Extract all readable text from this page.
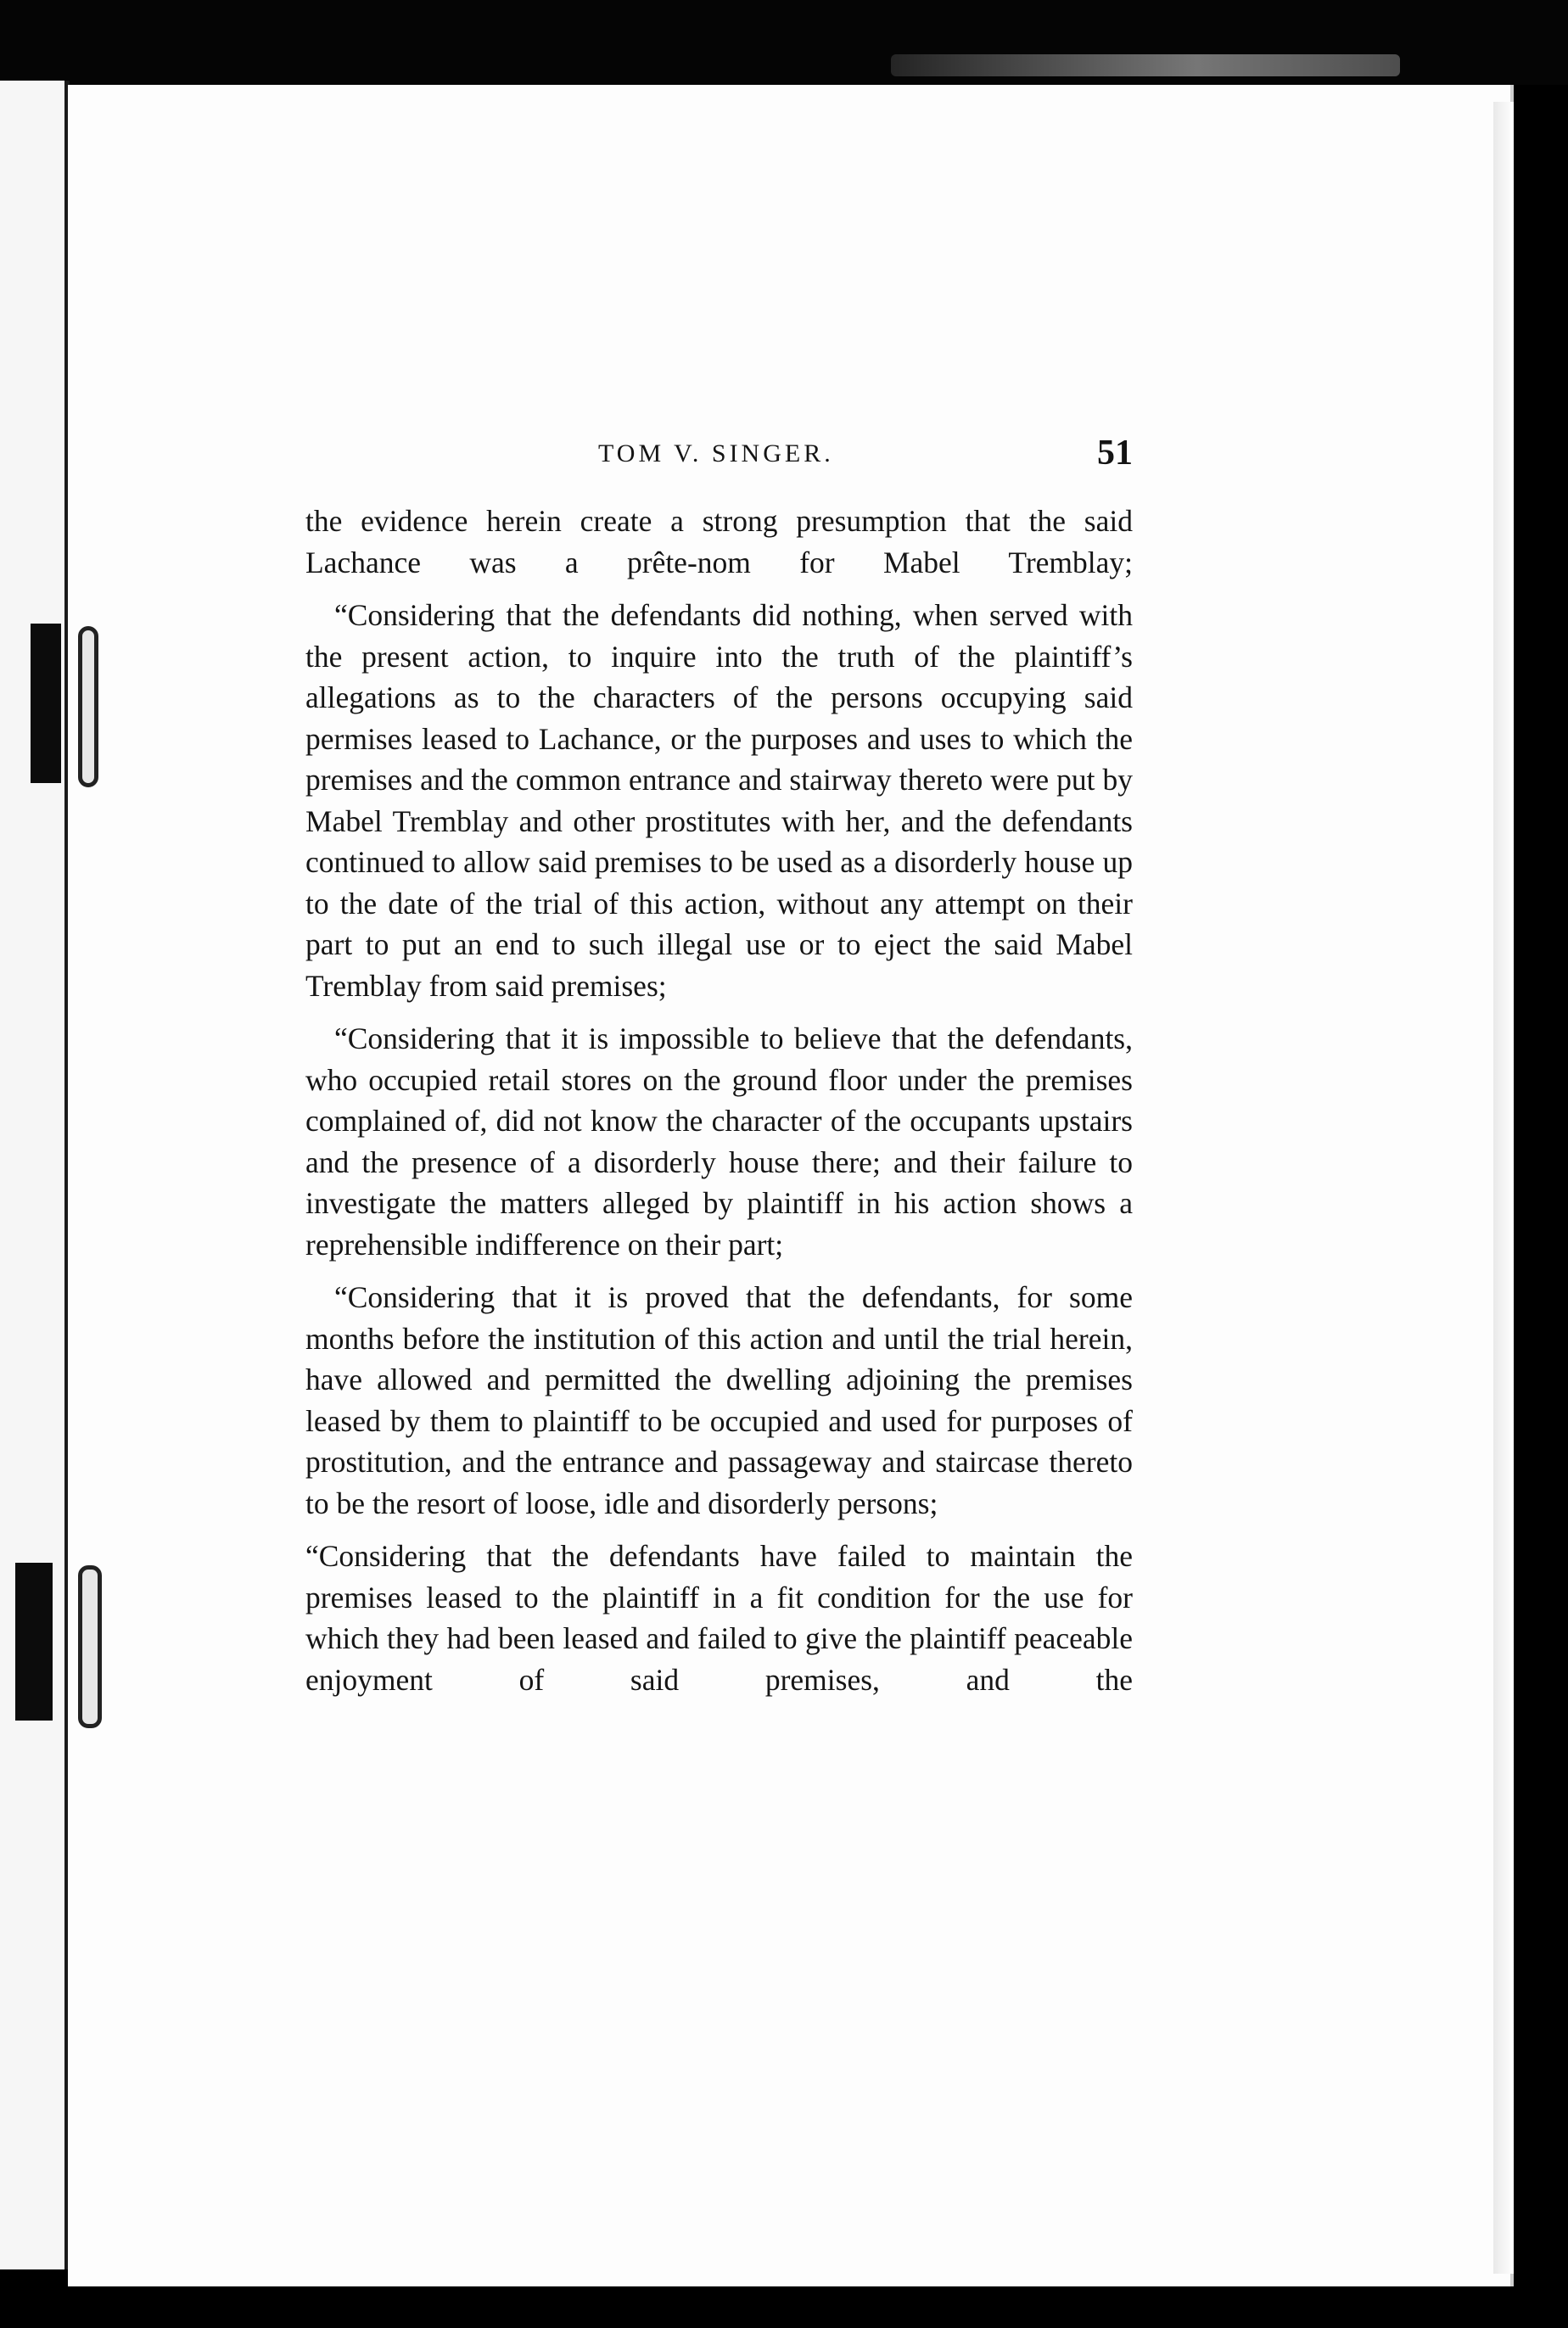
TOM V. SINGER.	51

the evidence herein create a strong presumption that the said Lachance was a prête-nom for Mabel Tremblay;

“Considering that the defendants did nothing, when served with the present action, to inquire into the truth of the plaintiff’s allegations as to the characters of the persons occupying said permises leased to Lachance, or the purposes and uses to which the premises and the common entrance and stairway thereto were put by Mabel Tremblay and other prostitutes with her, and the defendants continued to allow said premises to be used as a disorderly house up to the date of the trial of this action, without any attempt on their part to put an end to such illegal use or to eject the said Mabel Tremblay from said premises;

“Considering that it is impossible to believe that the defendants, who occupied retail stores on the ground floor under the premises complained of, did not know the character of the occupants upstairs and the presence of a disorderly house there; and their failure to investigate the matters alleged by plaintiff in his action shows a reprehensible indifference on their part;

“Considering that it is proved that the defendants, for some months before the institution of this action and until the trial herein, have allowed and permitted the dwelling adjoining the premises leased by them to plaintiff to be occupied and used for purposes of prostitution, and the entrance and passageway and staircase thereto to be the resort of loose, idle and disorderly persons;

“Considering that the defendants have failed to maintain the premises leased to the plaintiff in a fit condition for the use for which they had been leased and failed to give the plaintiff peaceable enjoyment of said premises, and the
